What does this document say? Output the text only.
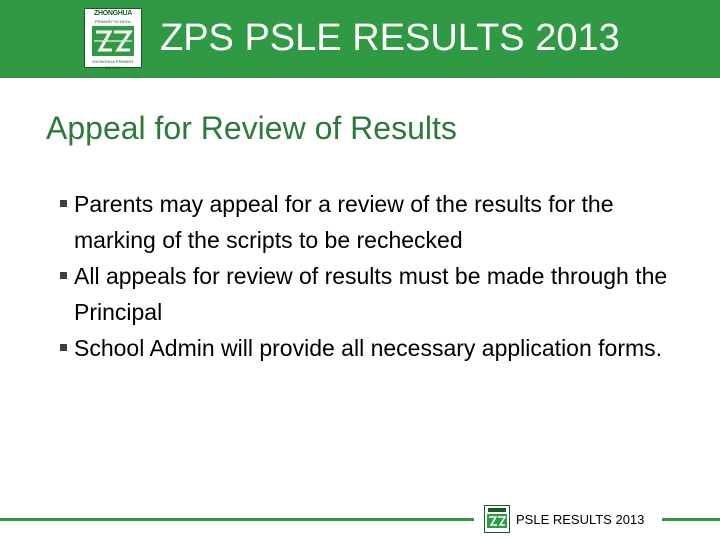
ZHONGHUA
PRIMARY SCHOOL
ZHONGHUA PRIMARY SCHOOL
ZPS PSLE RESULTS 2013
Appeal for Review of Results
Parents may appeal for a review of the results for the marking of the scripts to be rechecked
All appeals for review of results must be made through the Principal
School Admin will provide all necessary application forms.
PSLE RESULTS 2013
